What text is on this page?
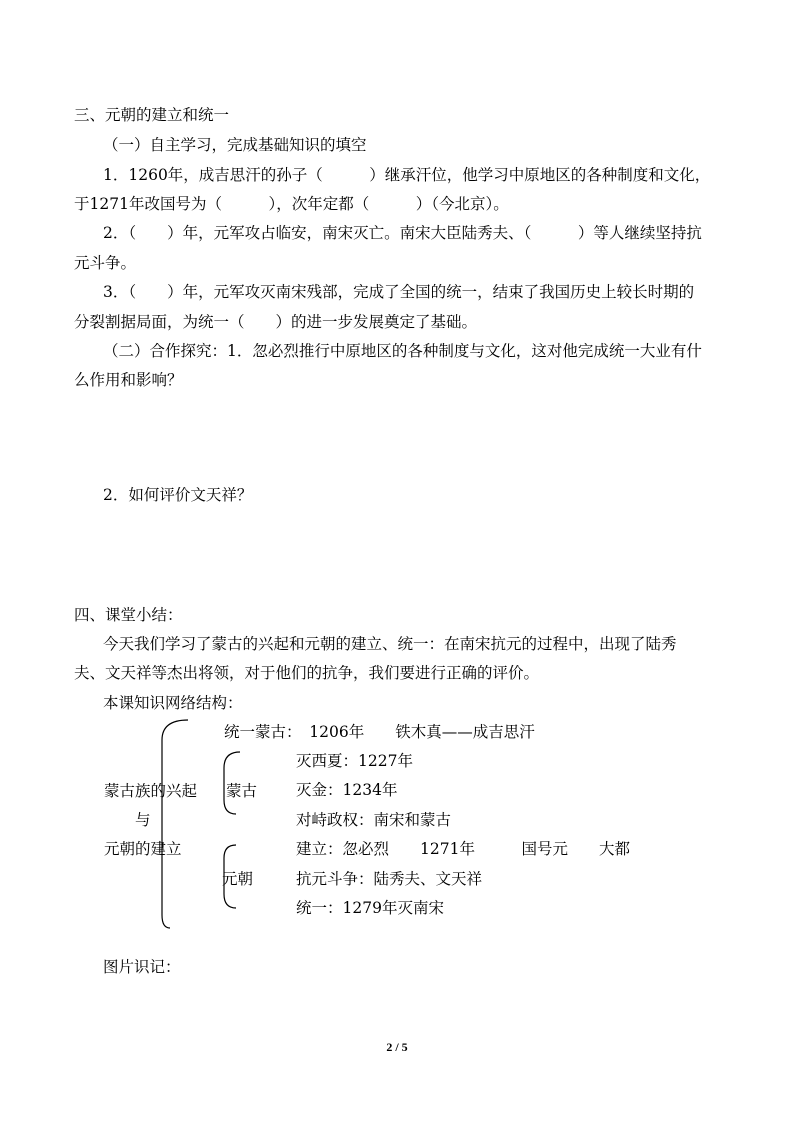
三、元朝的建立和统一
（一）自主学习，完成基础知识的填空
1．1260年，成吉思汗的孙子（　　　）继承汗位，他学习中原地区的各种制度和文化，
于1271年改国号为（　　　），次年定都（　　　）（今北京）。
2．（　　）年，元军攻占临安，南宋灭亡。南宋大臣陆秀夫、（　　　）等人继续坚持抗
元斗争。
3．（　　）年，元军攻灭南宋残部，完成了全国的统一，结束了我国历史上较长时期的
分裂割据局面，为统一（　　）的进一步发展奠定了基础。
（二）合作探究：1．忽必烈推行中原地区的各种制度与文化，这对他完成统一大业有什
么作用和影响？
2．如何评价文天祥？
四、课堂小结：
今天我们学习了蒙古的兴起和元朝的建立、统一：在南宋抗元的过程中，出现了陆秀
夫、文天祥等杰出将领，对于他们的抗争，我们要进行正确的评价。
本课知识网络结构：
蒙古族的兴起
与
元朝的建立
统一蒙古：　1206年　　铁木真——成吉思汗
蒙古
灭西夏：1227年
灭金：1234年
对峙政权：南宋和蒙古
元朝
建立：忽必烈　　1271年　　　国号元　　大都
抗元斗争：陆秀夫、文天祥
统一：1279年灭南宋
图片识记：
2 / 5
